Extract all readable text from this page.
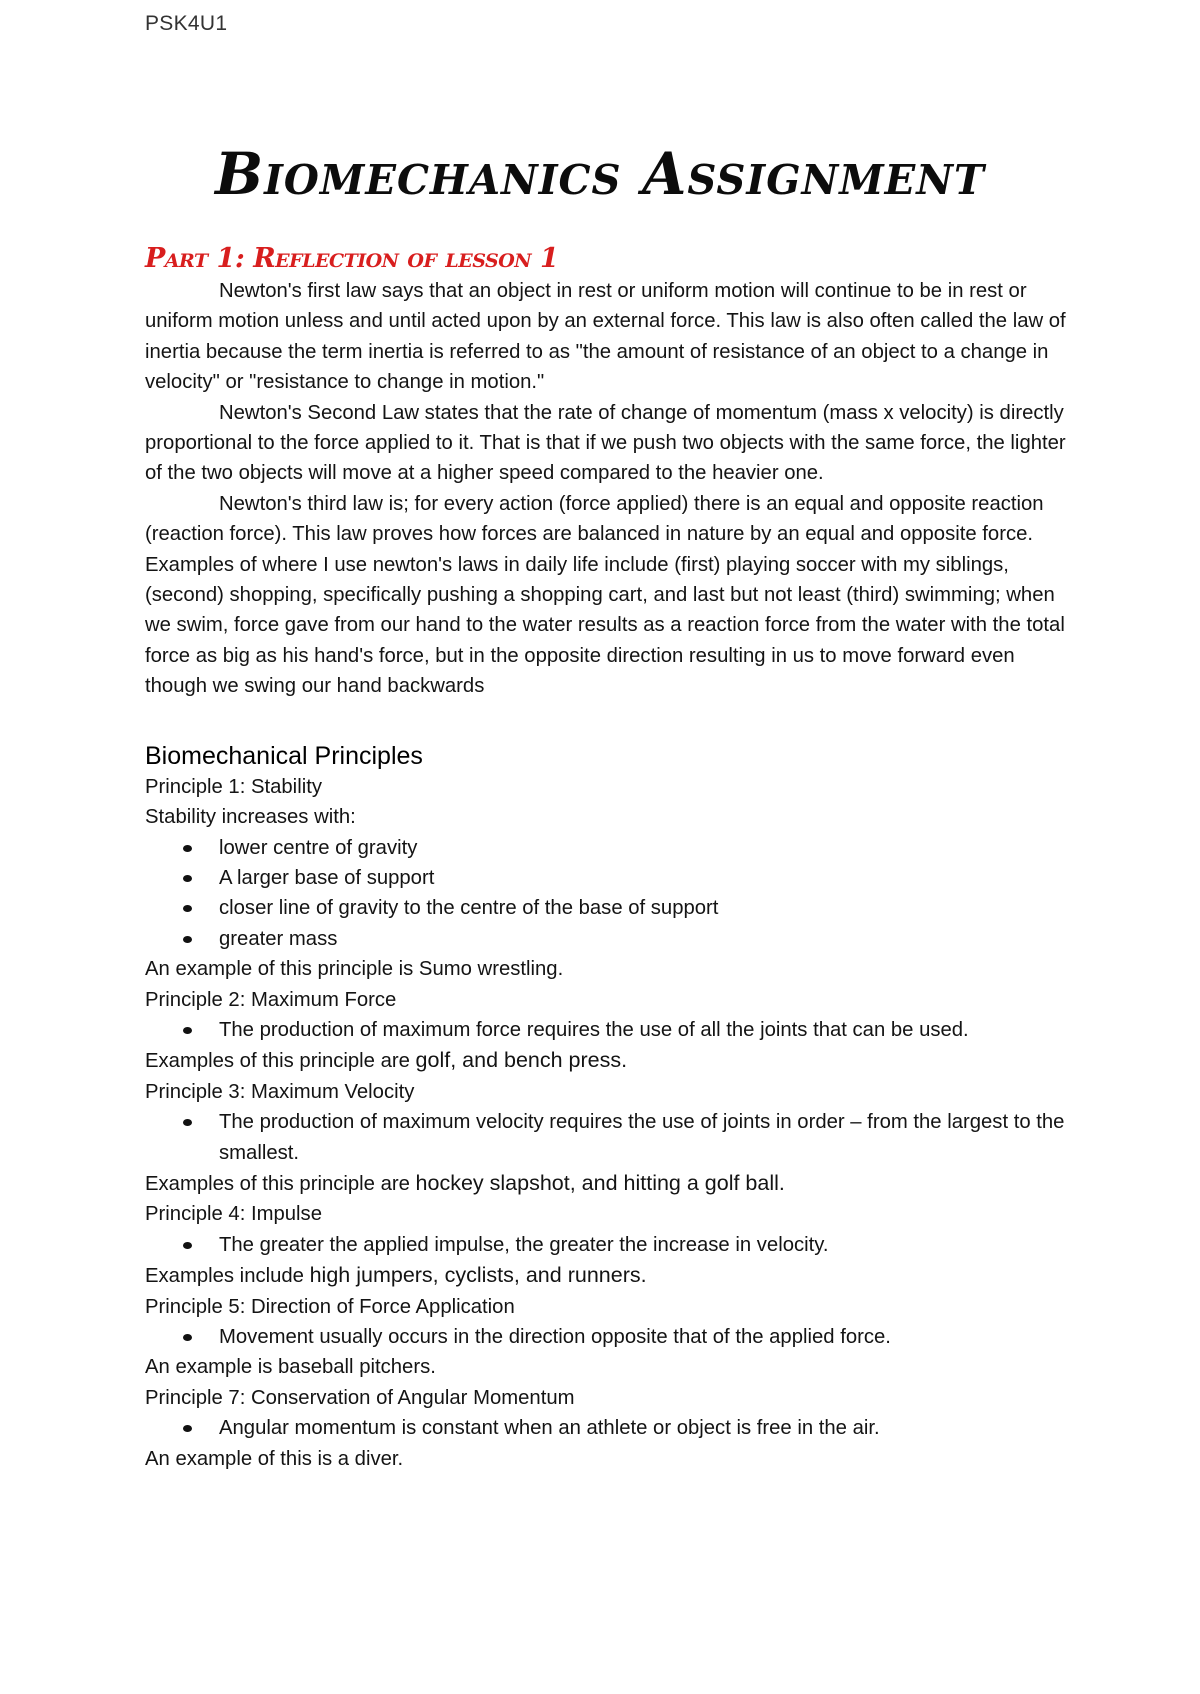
PSK4U1
Biomechanics Assignment
Part 1: Reflection of lesson 1

Newton's first law says that an object in rest or uniform motion will continue to be in rest or uniform motion unless and until acted upon by an external force. This law is also often called the law of inertia because the term inertia is referred to as "the amount of resistance of an object to a change in velocity" or "resistance to change in motion."

Newton's Second Law states that the rate of change of momentum (mass x velocity) is directly proportional to the force applied to it. That is that if we push two objects with the same force, the lighter of the two objects will move at a higher speed compared to the heavier one.

Newton's third law is; for every action (force applied) there is an equal and opposite reaction (reaction force). This law proves how forces are balanced in nature by an equal and opposite force. Examples of where I use newton's laws in daily life include (first) playing soccer with my siblings, (second) shopping, specifically pushing a shopping cart, and last but not least (third) swimming; when we swim, force gave from our hand to the water results as a reaction force from the water with the total force as big as his hand's force, but in the opposite direction resulting in us to move forward even though we swing our hand backwards

Biomechanical Principles

Principle 1: Stability

Stability increases with:

lower centre of gravity
A larger base of support
closer line of gravity to the centre of the base of support
greater mass

An example of this principle is Sumo wrestling.

Principle 2: Maximum Force

The production of maximum force requires the use of all the joints that can be used.

Examples of this principle are golf, and bench press.

Principle 3: Maximum Velocity

The production of maximum velocity requires the use of joints in order – from the largest to the smallest.

Examples of this principle are hockey slapshot, and hitting a golf ball.

Principle 4: Impulse

The greater the applied impulse, the greater the increase in velocity.

Examples include high jumpers, cyclists, and runners.

Principle 5: Direction of Force Application

Movement usually occurs in the direction opposite that of the applied force.

An example is baseball pitchers.

Principle 7: Conservation of Angular Momentum

Angular momentum is constant when an athlete or object is free in the air.

An example of this is a diver.
